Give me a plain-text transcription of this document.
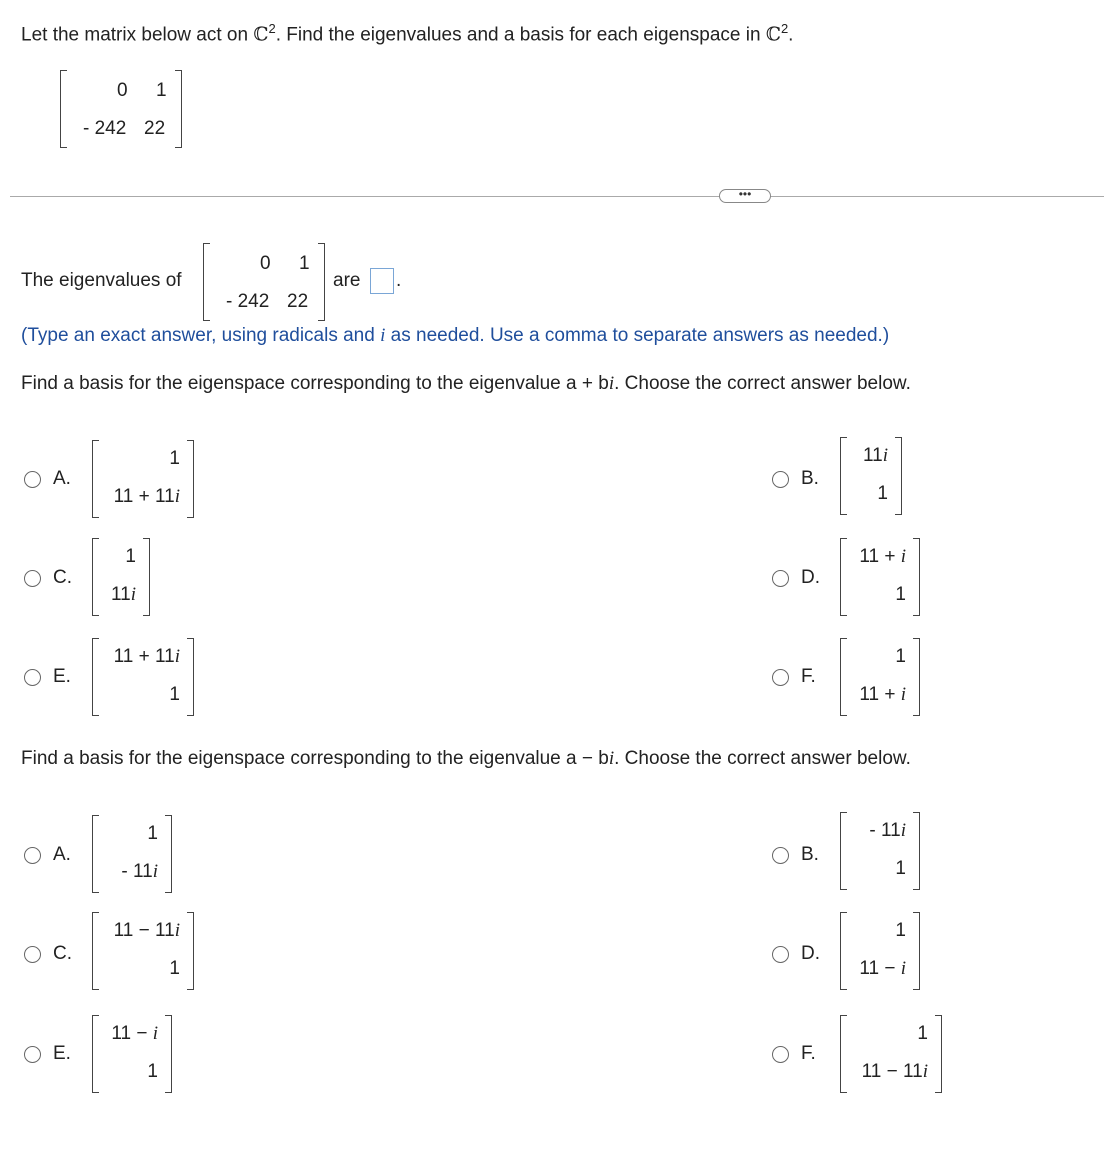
Let the matrix below act on ℂ$^2$. Find the eigenvalues and a basis for each eigenspace in ℂ$^2$.
0 1
- 242 22
•••
The eigenvalues of
0 1
- 242 22
are .
(Type an exact answer, using radicals and i as needed. Use a comma to separate answers as needed.)
Find a basis for the eigenspace corresponding to the eigenvalue a + bi. Choose the correct answer below.
A.
1
11 + 11i
B.
11i
1
C.
1
11i
D.
11 + i
1
E.
11 + 11i
1
F.
1
11 + i
Find a basis for the eigenspace corresponding to the eigenvalue a − bi. Choose the correct answer below.
A.
1
- 11i
B.
- 11i
1
C.
11 − 11i
1
D.
1
11 − i
E.
11 − i
1
F.
1
11 − 11i
